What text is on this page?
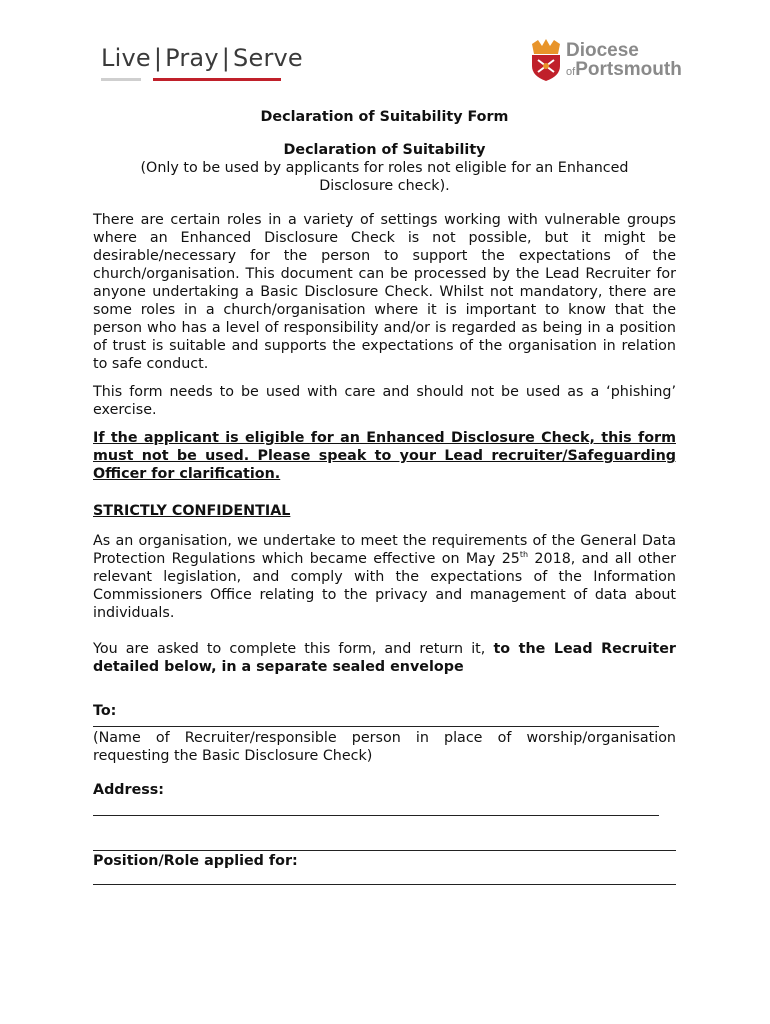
Live | Pray | Serve	Diocese
ofPortsmouth

Declaration of Suitability Form

Declaration of Suitability

(Only to be used by applicants for roles not eligible for an Enhanced Disclosure check).

There are certain roles in a variety of settings working with vulnerable groups where an Enhanced Disclosure Check is not possible, but it might be desirable/necessary for the person to support the expectations of the church/organisation. This document can be processed by the Lead Recruiter for anyone undertaking a Basic Disclosure Check. Whilst not mandatory, there are some roles in a church/organisation where it is important to know that the person who has a level of responsibility and/or is regarded as being in a position of trust is suitable and supports the expectations of the organisation in relation to safe conduct.

This form needs to be used with care and should not be used as a ‘phishing’ exercise.

If the applicant is eligible for an Enhanced Disclosure Check, this form must not be used. Please speak to your Lead recruiter/Safeguarding Officer for clarification.

STRICTLY CONFIDENTIAL

As an organisation, we undertake to meet the requirements of the General Data Protection Regulations which became effective on May 25th 2018, and all other relevant legislation, and comply with the expectations of the Information Commissioners Office relating to the privacy and management of data about individuals.

You are asked to complete this form, and return it, to the Lead Recruiter detailed below, in a separate sealed envelope

To:

(Name of Recruiter/responsible person in place of worship/organisation requesting the Basic Disclosure Check)

Address:

Position/Role applied for:
